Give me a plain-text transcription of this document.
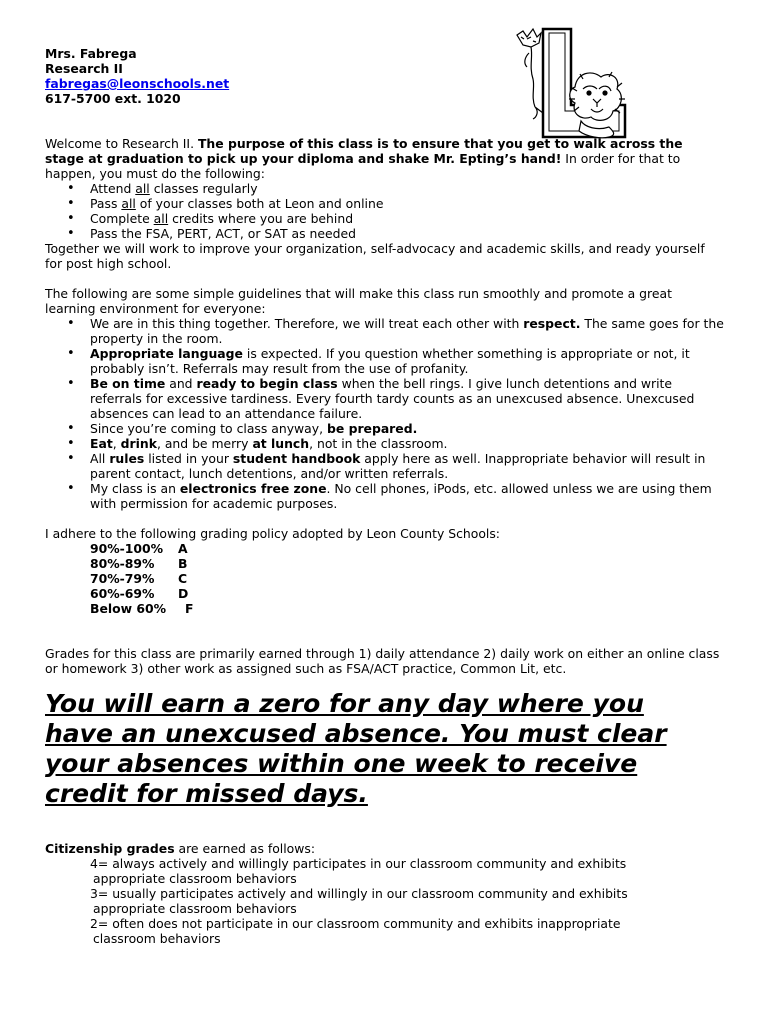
Mrs. Fabrega
Research II
fabregas@leonschools.net
617-5700 ext. 1020
Welcome to Research II. The purpose of this class is to ensure that you get to walk across the stage at graduation to pick up your diploma and shake Mr. Epting’s hand! In order for that to happen, you must do the following:
• Attend all classes regularly
• Pass all of your classes both at Leon and online
• Complete all credits where you are behind
• Pass the FSA, PERT, ACT, or SAT as needed
Together we will work to improve your organization, self-advocacy and academic skills, and ready yourself for post high school.
The following are some simple guidelines that will make this class run smoothly and promote a great learning environment for everyone:
• We are in this thing together. Therefore, we will treat each other with respect. The same goes for the property in the room.
• Appropriate language is expected. If you question whether something is appropriate or not, it probably isn’t. Referrals may result from the use of profanity.
• Be on time and ready to begin class when the bell rings. I give lunch detentions and write referrals for excessive tardiness. Every fourth tardy counts as an unexcused absence. Unexcused absences can lead to an attendance failure.
• Since you’re coming to class anyway, be prepared.
• Eat, drink, and be merry at lunch, not in the classroom.
• All rules listed in your student handbook apply here as well. Inappropriate behavior will result in parent contact, lunch detentions, and/or written referrals.
• My class is an electronics free zone. No cell phones, iPods, etc. allowed unless we are using them with permission for academic purposes.
I adhere to the following grading policy adopted by Leon County Schools:
90%-100%	A
80%-89%	B
70%-79%	C
60%-69%	D
Below 60%	F
Grades for this class are primarily earned through 1) daily attendance 2) daily work on either an online class or homework 3) other work as assigned such as FSA/ACT practice, Common Lit, etc.
You will earn a zero for any day where you have an unexcused absence. You must clear your absences within one week to receive credit for missed days.
Citizenship grades are earned as follows:
4= always actively and willingly participates in our classroom community and exhibits
appropriate classroom behaviors
3= usually participates actively and willingly in our classroom community and exhibits
appropriate classroom behaviors
2= often does not participate in our classroom community and exhibits inappropriate
classroom behaviors
